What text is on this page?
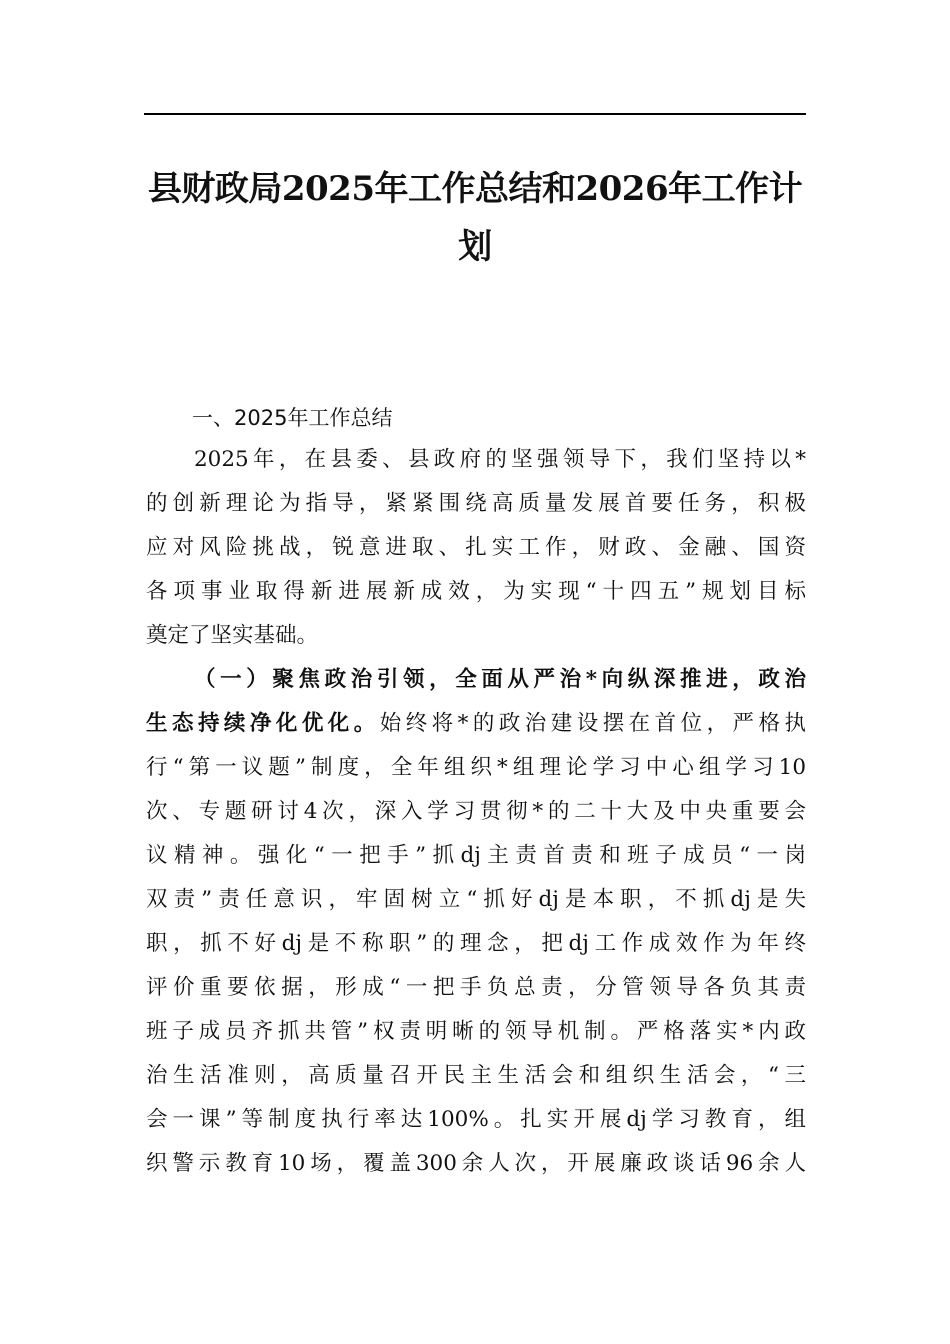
县财政局2025年工作总结和2026年工作计
划
一、2025年工作总结

2025年，在县委、县政府的坚强领导下，我们坚持以*
的创新理论为指导，紧紧围绕高质量发展首要任务，积极
应对风险挑战，锐意进取、扎实工作，财政、金融、国资
各项事业取得新进展新成效，为实现“十四五”规划目标
奠定了坚实基础。

（一）聚焦政治引领，全面从严治*向纵深推进，政治
生态持续净化优化。始终将*的政治建设摆在首位，严格执
行“第一议题”制度，全年组织*组理论学习中心组学习10
次、专题研讨4次，深入学习贯彻*的二十大及中央重要会
议精神。强化“一把手”抓dj主责首责和班子成员“一岗
双责”责任意识，牢固树立“抓好dj是本职，不抓dj是失
职，抓不好dj是不称职”的理念，把dj工作成效作为年终
评价重要依据，形成“一把手负总责，分管领导各负其责
班子成员齐抓共管”权责明晰的领导机制。严格落实*内政
治生活准则，高质量召开民主生活会和组织生活会，“三
会一课”等制度执行率达100%。扎实开展dj学习教育，组
织警示教育10场，覆盖300余人次，开展廉政谈话96余人
